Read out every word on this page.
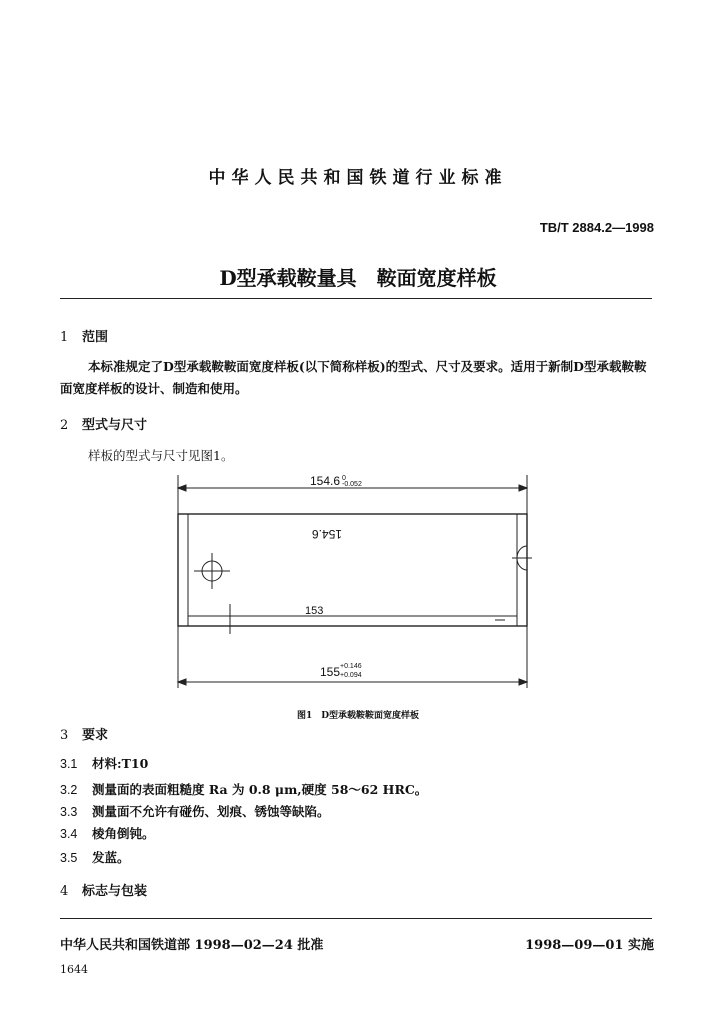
中华人民共和国铁道行业标准
TB/T 2884.2—1998
D型承载鞍量具　鞍面宽度样板
1 范围
本标准规定了D型承载鞍鞍面宽度样板(以下简称样板)的型式、尺寸及要求。适用于新制D型承载鞍鞍面宽度样板的设计、制造和使用。
2 型式与尺寸
样板的型式与尺寸见图1。
154.6 0
-0.052
154.6
153
155 +0.146
+0.094
图1　D型承载鞍鞍面宽度样板
3 要求
3.1 材料:T10
3.2 测量面的表面粗糙度 Ra 为 0.8 μm,硬度 58～62 HRC。
3.3 测量面不允许有碰伤、划痕、锈蚀等缺陷。
3.4 棱角倒钝。
3.5 发蓝。
4 标志与包装
中华人民共和国铁道部 1998—02—24 批准	1998—09—01 实施
1644
